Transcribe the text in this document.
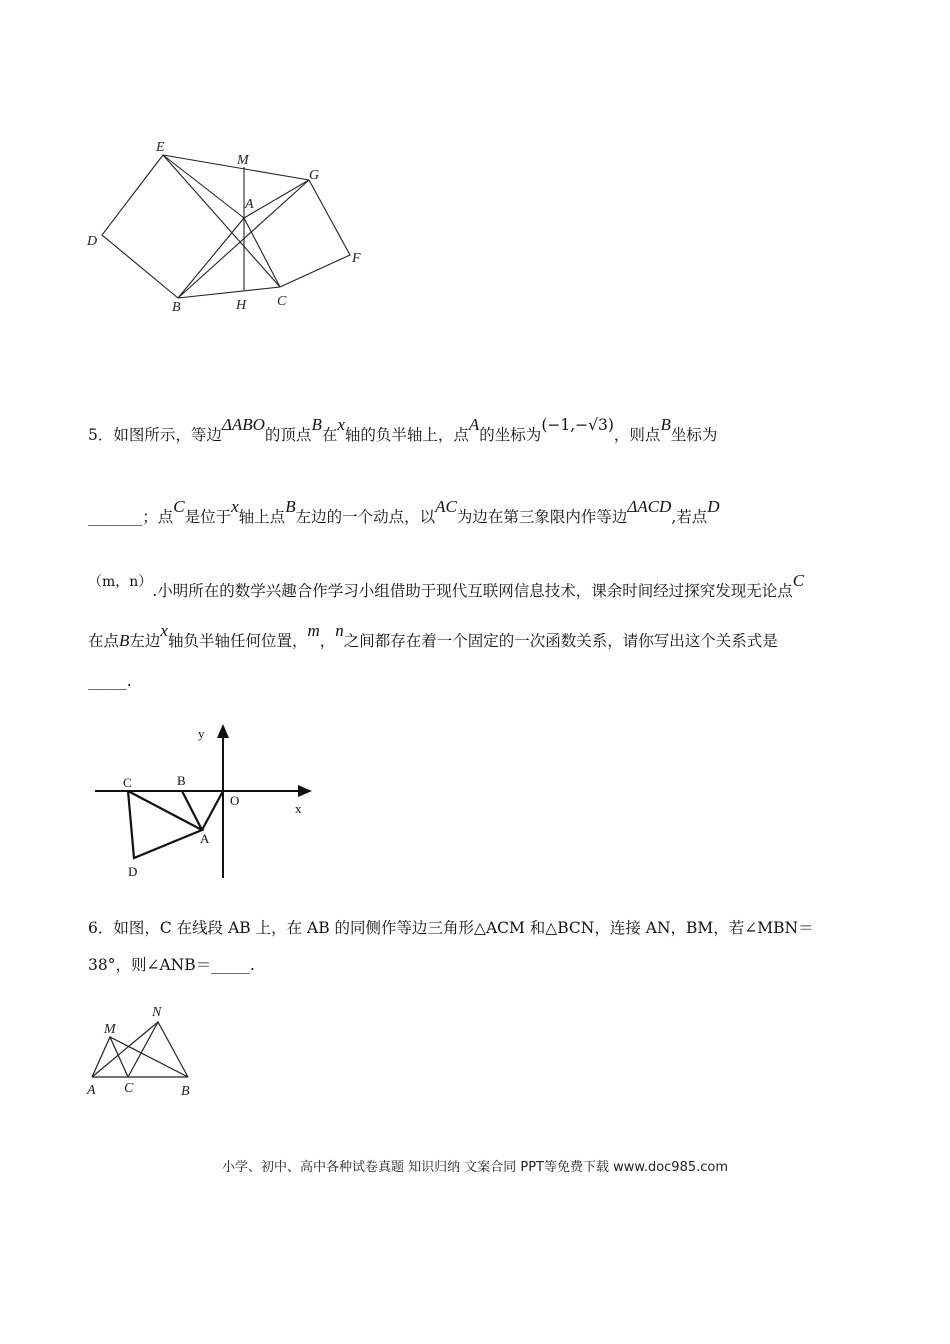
E
M
G
A
D
F
B	H C
5．如图所示，等边ΔABO的顶点B在x轴的负半轴上，点A的坐标为(−1,−√3)，则点B坐标为
_______；点C是位于x轴上点B左边的一个动点，以AC为边在第三象限内作等边ΔACD,若点D
（m，n）.小明所在的数学兴趣合作学习小组借助于现代互联网信息技术，课余时间经过探究发现无论点C
在点B左边x轴负半轴任何位置，m，n之间都存在着一个固定的一次函数关系，请你写出这个关系式是
_____.
y
x
O
C	B
A
D
6．如图，C 在线段 AB 上，在 AB 的同侧作等边三角形△ACM 和△BCN，连接 AN，BM，若∠MBN＝
38°，则∠ANB＝_____.
M
N
A C	B
小学、初中、高中各种试卷真题 知识归纳 文案合同 PPT等免费下载 www.doc985.com
